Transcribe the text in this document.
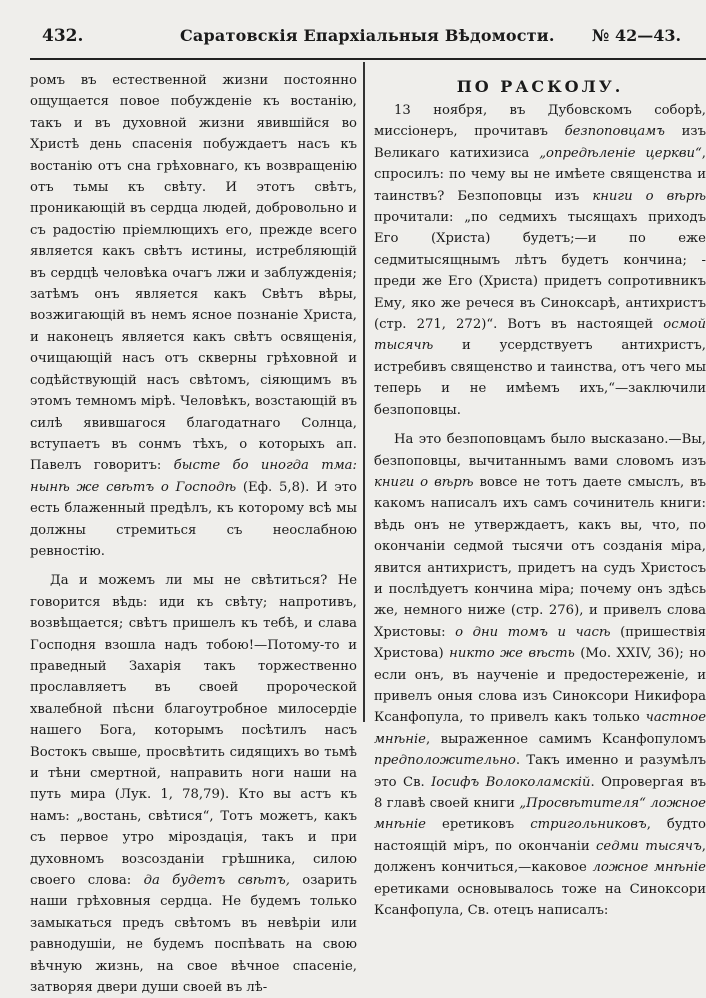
432.	Саратовскія Епархіальныя Вѣдомости. № 42—43.

ромъ въ естественной жизни постоянно ощущается повое побужденіе къ востанію, такъ и въ духовной жизни явившійся во Христѣ день спасенія побуждаетъ насъ къ востанію отъ сна грѣховнаго, къ возвращенію отъ тьмы къ свѣту. И этотъ свѣтъ, проникающій въ сердца людей, добровольно и съ радостію пріемлющихъ его, прежде всего является какъ свѣтъ истины, истребляющій въ сердцѣ человѣка очагъ лжи и заблужденія; затѣмъ онъ является какъ Свѣтъ вѣры, возжигающій въ немъ ясное познаніе Христа, и наконецъ является какъ свѣтъ освященія, очищающій насъ отъ скверны грѣховной и содѣйствующій насъ свѣтомъ, сіяющимъ въ этомъ темномъ мірѣ. Человѣкъ, возстающій въ силѣ явившагося благодатнаго Солнца, вступаетъ въ сонмъ тѣхъ, о которыхъ ап. Павелъ говоритъ: бысте бо иногда тма: нынѣ же свѣтъ о Господѣ (Еф. 5,8). И это есть блаженный предѣлъ, къ которому всѣ мы должны стремиться съ неослабною ревностію.

Да и можемъ ли мы не свѣтиться? Не говорится вѣдь: иди къ свѣту; напротивъ, возвѣщается; свѣтъ пришелъ къ тебѣ, и слава Господня взошла надъ тобою!—Потому-то и праведный Захарія такъ торжественно прославляетъ въ своей пророческой хвалебной пѣсни благоутробное милосердіе нашего Бога, которымъ посѣтилъ насъ Востокъ свыше, просвѣтить сидящихъ во тьмѣ и тѣни смертной, направить ноги наши на путь мира (Лук. 1, 78,79). Кто вы астъ къ намъ: „востань, свѣтися“, Тотъ можетъ, какъ съ первое утро міроздація, такъ и при духовномъ возсозданіи грѣшника, силою своего слова: да будетъ свѣтъ, озарить наши грѣховныя сердца. Не будемъ только замыкаться предъ свѣтомъ въ невѣріи или равнодушіи, не будемъ поспѣвать на свою вѣчную жизнь, на свое вѣчное спасеніе, затворяя двери души своей въ лѣ-

ПО РАСКОЛУ.

13 ноября, въ Дубовскомъ соборѣ, миссіонеръ, прочитавъ безпоповцамъ изъ Великаго катихизиса „опредѣленіе церкви“, спросилъ: по чему вы не имѣете священства и таинствъ? Безпоповцы изъ книги о вѣрѣ прочитали: „по седмихъ тысящахъ приходъ Его (Христа) будетъ;—и по еже седмитысящнымъ лѣтъ будетъ кончина; - преди же Его (Христа) придетъ сопротивникъ Ему, яко же речеся въ Синоксарѣ, антихристъ (стр. 271, 272)“. Вотъ въ настоящей осмой тысячѣ и усердствуетъ антихристъ, истребивъ священство и таинства, отъ чего мы теперь и не имѣемъ ихъ,“—заключили безпоповцы.

На это безпоповцамъ было высказано.—Вы, безпоповцы, вычитаннымъ вами словомъ изъ книги о вѣрѣ вовсе не тотъ даете смыслъ, въ какомъ написалъ ихъ самъ сочинитель книги: вѣдь онъ не утверждаетъ, какъ вы, что, по окончаніи седмой тысячи отъ созданія міра, явится антихристъ, придетъ на судъ Христосъ и послѣдуетъ кончина міра; почему онъ здѣсь же, немного ниже (стр. 276), и привелъ слова Христовы: о дни томъ и часѣ (пришествія Христова) никто же вѣсть (Мо. XXIV, 36); но если онъ, въ наученіе и предостереженіе, и привелъ оныя слова изъ Синоксори Никифора Ксанфопула, то привелъ какъ только частное мнѣніе, выраженное самимъ Ксанфопуломъ предположительно. Такъ именно и разумѣлъ это Св. Іосифъ Волоколамскій. Опровергая въ 8 главѣ своей книги „Просвѣтителя“ ложное мнѣніе еретиковъ стригольниковъ, будто настоящій міръ, по окончаніи седми тысячъ, долженъ кончиться,—каковое ложное мнѣніе еретиками основывалось тоже на Синоксори Ксанфопула, Св. отецъ написалъ:
